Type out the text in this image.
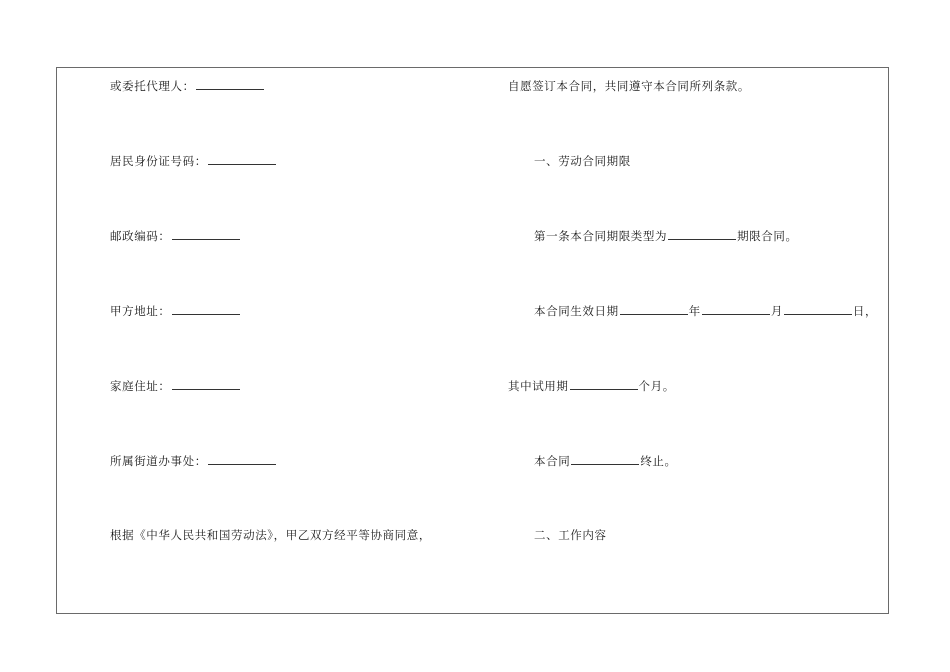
或委托代理人：
居民身份证号码：
邮政编码：
甲方地址：
家庭住址：
所属街道办事处：
根据《中华人民共和国劳动法》，甲乙双方经平等协商同意，
自愿签订本合同，共同遵守本合同所列条款。
一、劳动合同期限
第一条本合同期限类型为	期限合同。
本合同生效日期	年	月	日，
其中试用期	个月。
本合同	终止。
二、工作内容
